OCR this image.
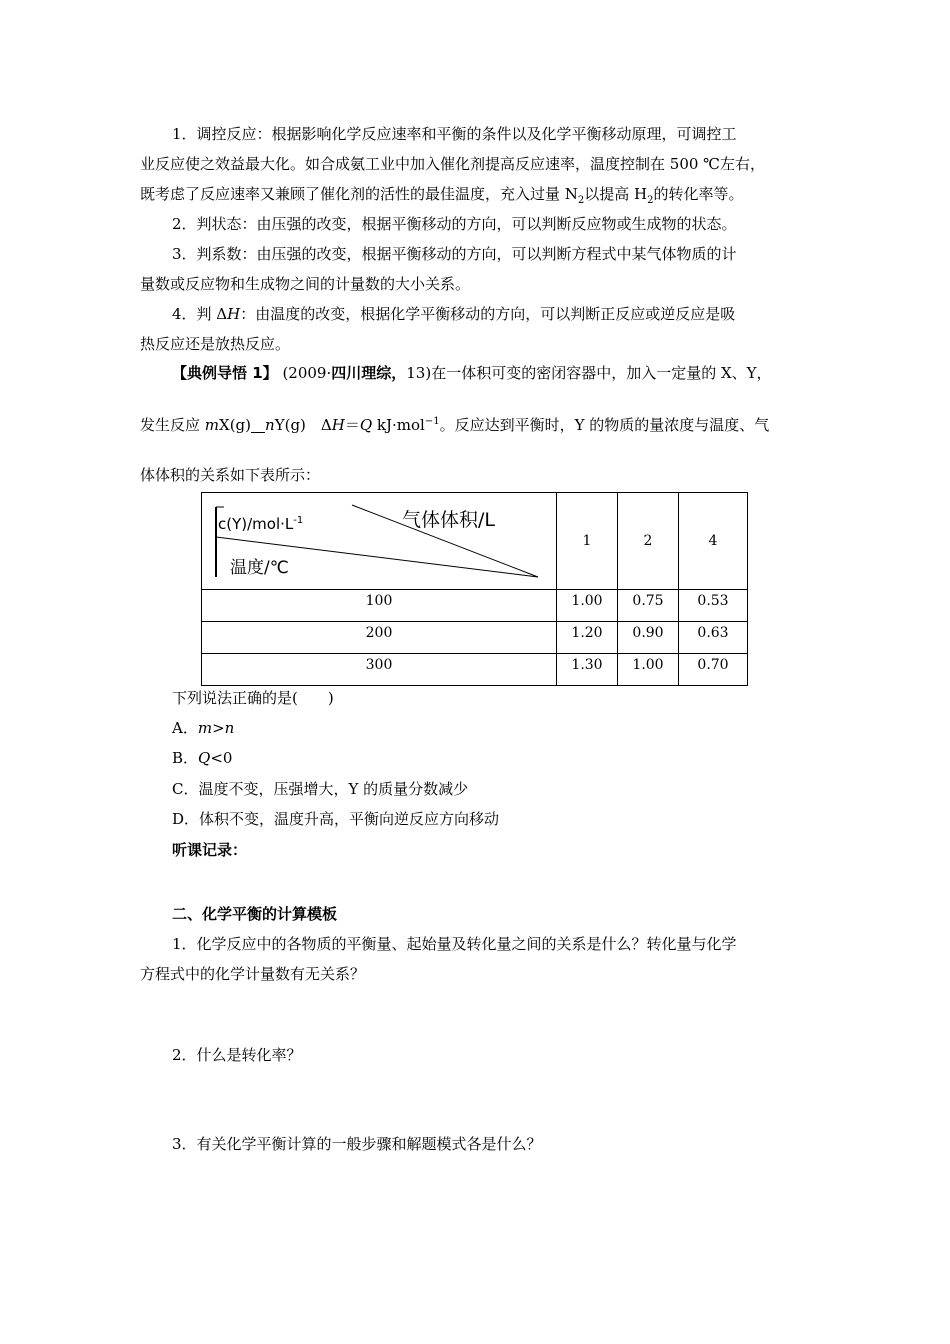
1．调控反应：根据影响化学反应速率和平衡的条件以及化学平衡移动原理，可调控工
业反应使之效益最大化。如合成氨工业中加入催化剂提高反应速率，温度控制在 500 ℃左右，
既考虑了反应速率又兼顾了催化剂的活性的最佳温度，充入过量 $N_2$以提高 $H_2$的转化率等。
2．判状态：由压强的改变，根据平衡移动的方向，可以判断反应物或生成物的状态。
3．判系数：由压强的改变，根据平衡移动的方向，可以判断方程式中某气体物质的计
量数或反应物和生成物之间的计量数的大小关系。
4．判 ΔH：由温度的改变，根据化学平衡移动的方向，可以判断正反应或逆反应是吸
热反应还是放热反应。
【典例导悟 1】 (2009·四川理综，13)在一体积可变的密闭容器中，加入一定量的 X、Y，
发生反应 mX(g) nY(g)　ΔH＝Q kJ·mol$^{-1}$。反应达到平衡时，Y 的物质的量浓度与温度、气
体体积的关系如下表所示：
气体体积/L
$c(Y)/mol\cdot L^{-1}$
温度/℃	1	2	4
100	1.00	0.75	0.53
200	1.20	0.90	0.63
300	1.30	1.00	0.70
下列说法正确的是(　　)
A．m>n
B．Q<0
C．温度不变，压强增大，Y 的质量分数减少
D．体积不变，温度升高，平衡向逆反应方向移动
听课记录：
二、化学平衡的计算模板
1．化学反应中的各物质的平衡量、起始量及转化量之间的关系是什么？转化量与化学
方程式中的化学计量数有无关系？
2．什么是转化率？
3．有关化学平衡计算的一般步骤和解题模式各是什么？
